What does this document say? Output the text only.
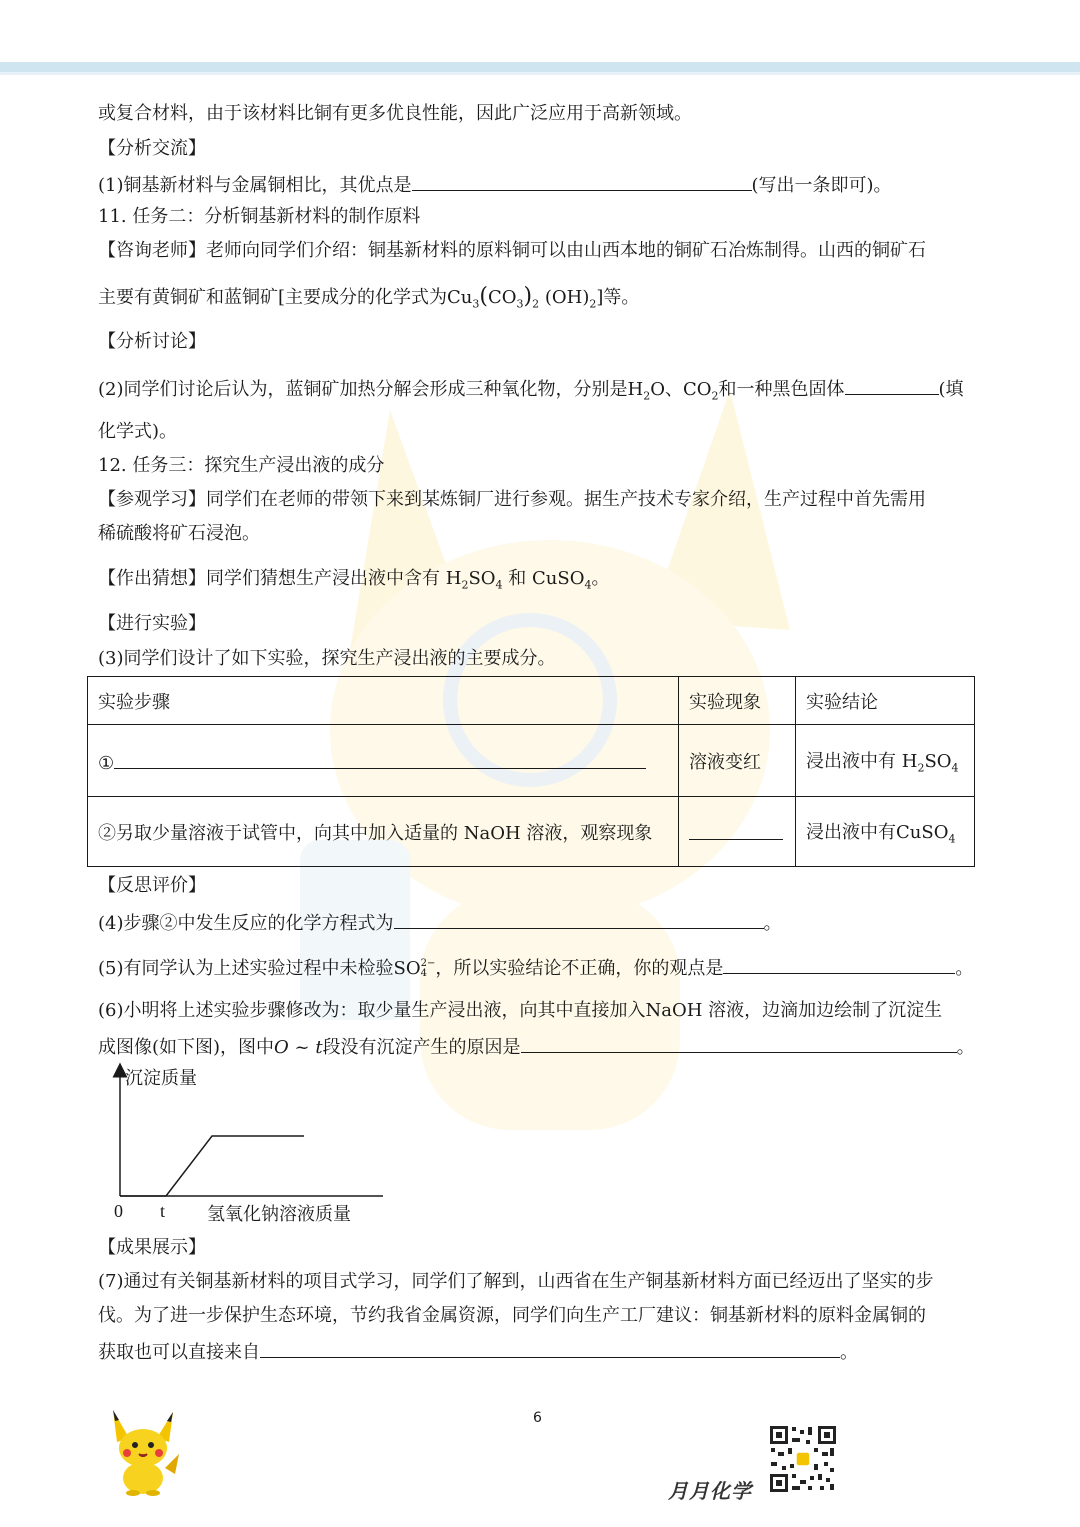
或复合材料，由于该材料比铜有更多优良性能，因此广泛应用于高新领域。
【分析交流】
(1)铜基新材料与金属铜相比，其优点是	(写出一条即可)。
11. 任务二：分析铜基新材料的制作原料
【咨询老师】老师向同学们介绍：铜基新材料的原料铜可以由山西本地的铜矿石冶炼制得。山西的铜矿石
主要有黄铜矿和蓝铜矿[主要成分的化学式为$Cu_3(CO_3)_2$ $(OH)_2$]等。
【分析讨论】
(2)同学们讨论后认为，蓝铜矿加热分解会形成三种氧化物，分别是$H_2O$、$CO_2$和一种黑色固体	(填
化学式)。
12. 任务三：探究生产浸出液的成分
【参观学习】同学们在老师的带领下来到某炼铜厂进行参观。据生产技术专家介绍，生产过程中首先需用
稀硫酸将矿石浸泡。
【作出猜想】同学们猜想生产浸出液中含有 $H_2SO_4$ 和 CuSO$_4$。
【进行实验】
(3)同学们设计了如下实验，探究生产浸出液的主要成分。
实验步骤	实验现象	实验结论
①	溶液变红	浸出液中有 $H_2SO_4$
②另取少量溶液于试管中，向其中加入适量的 NaOH 溶液，观察现象		浸出液中有CuSO$_4$
【反思评价】
(4)步骤②中发生反应的化学方程式为	。
(5)有同学认为上述实验过程中未检验SO 2−
4 ，所以实验结论不正确，你的观点是	。
(6)小明将上述实验步骤修改为：取少量生产浸出液，向其中直接加入NaOH 溶液，边滴加边绘制了沉淀生
成图像(如下图)，图中O ~ t段没有沉淀产生的原因是	。
沉淀质量
0 t 氢氧化钠溶液质量
【成果展示】
(7)通过有关铜基新材料的项目式学习，同学们了解到，山西省在生产铜基新材料方面已经迈出了坚实的步
伐。为了进一步保护生态环境，节约我省金属资源，同学们向生产工厂建议：铜基新材料的原料金属铜的
获取也可以直接来自	。
6
月月化学
